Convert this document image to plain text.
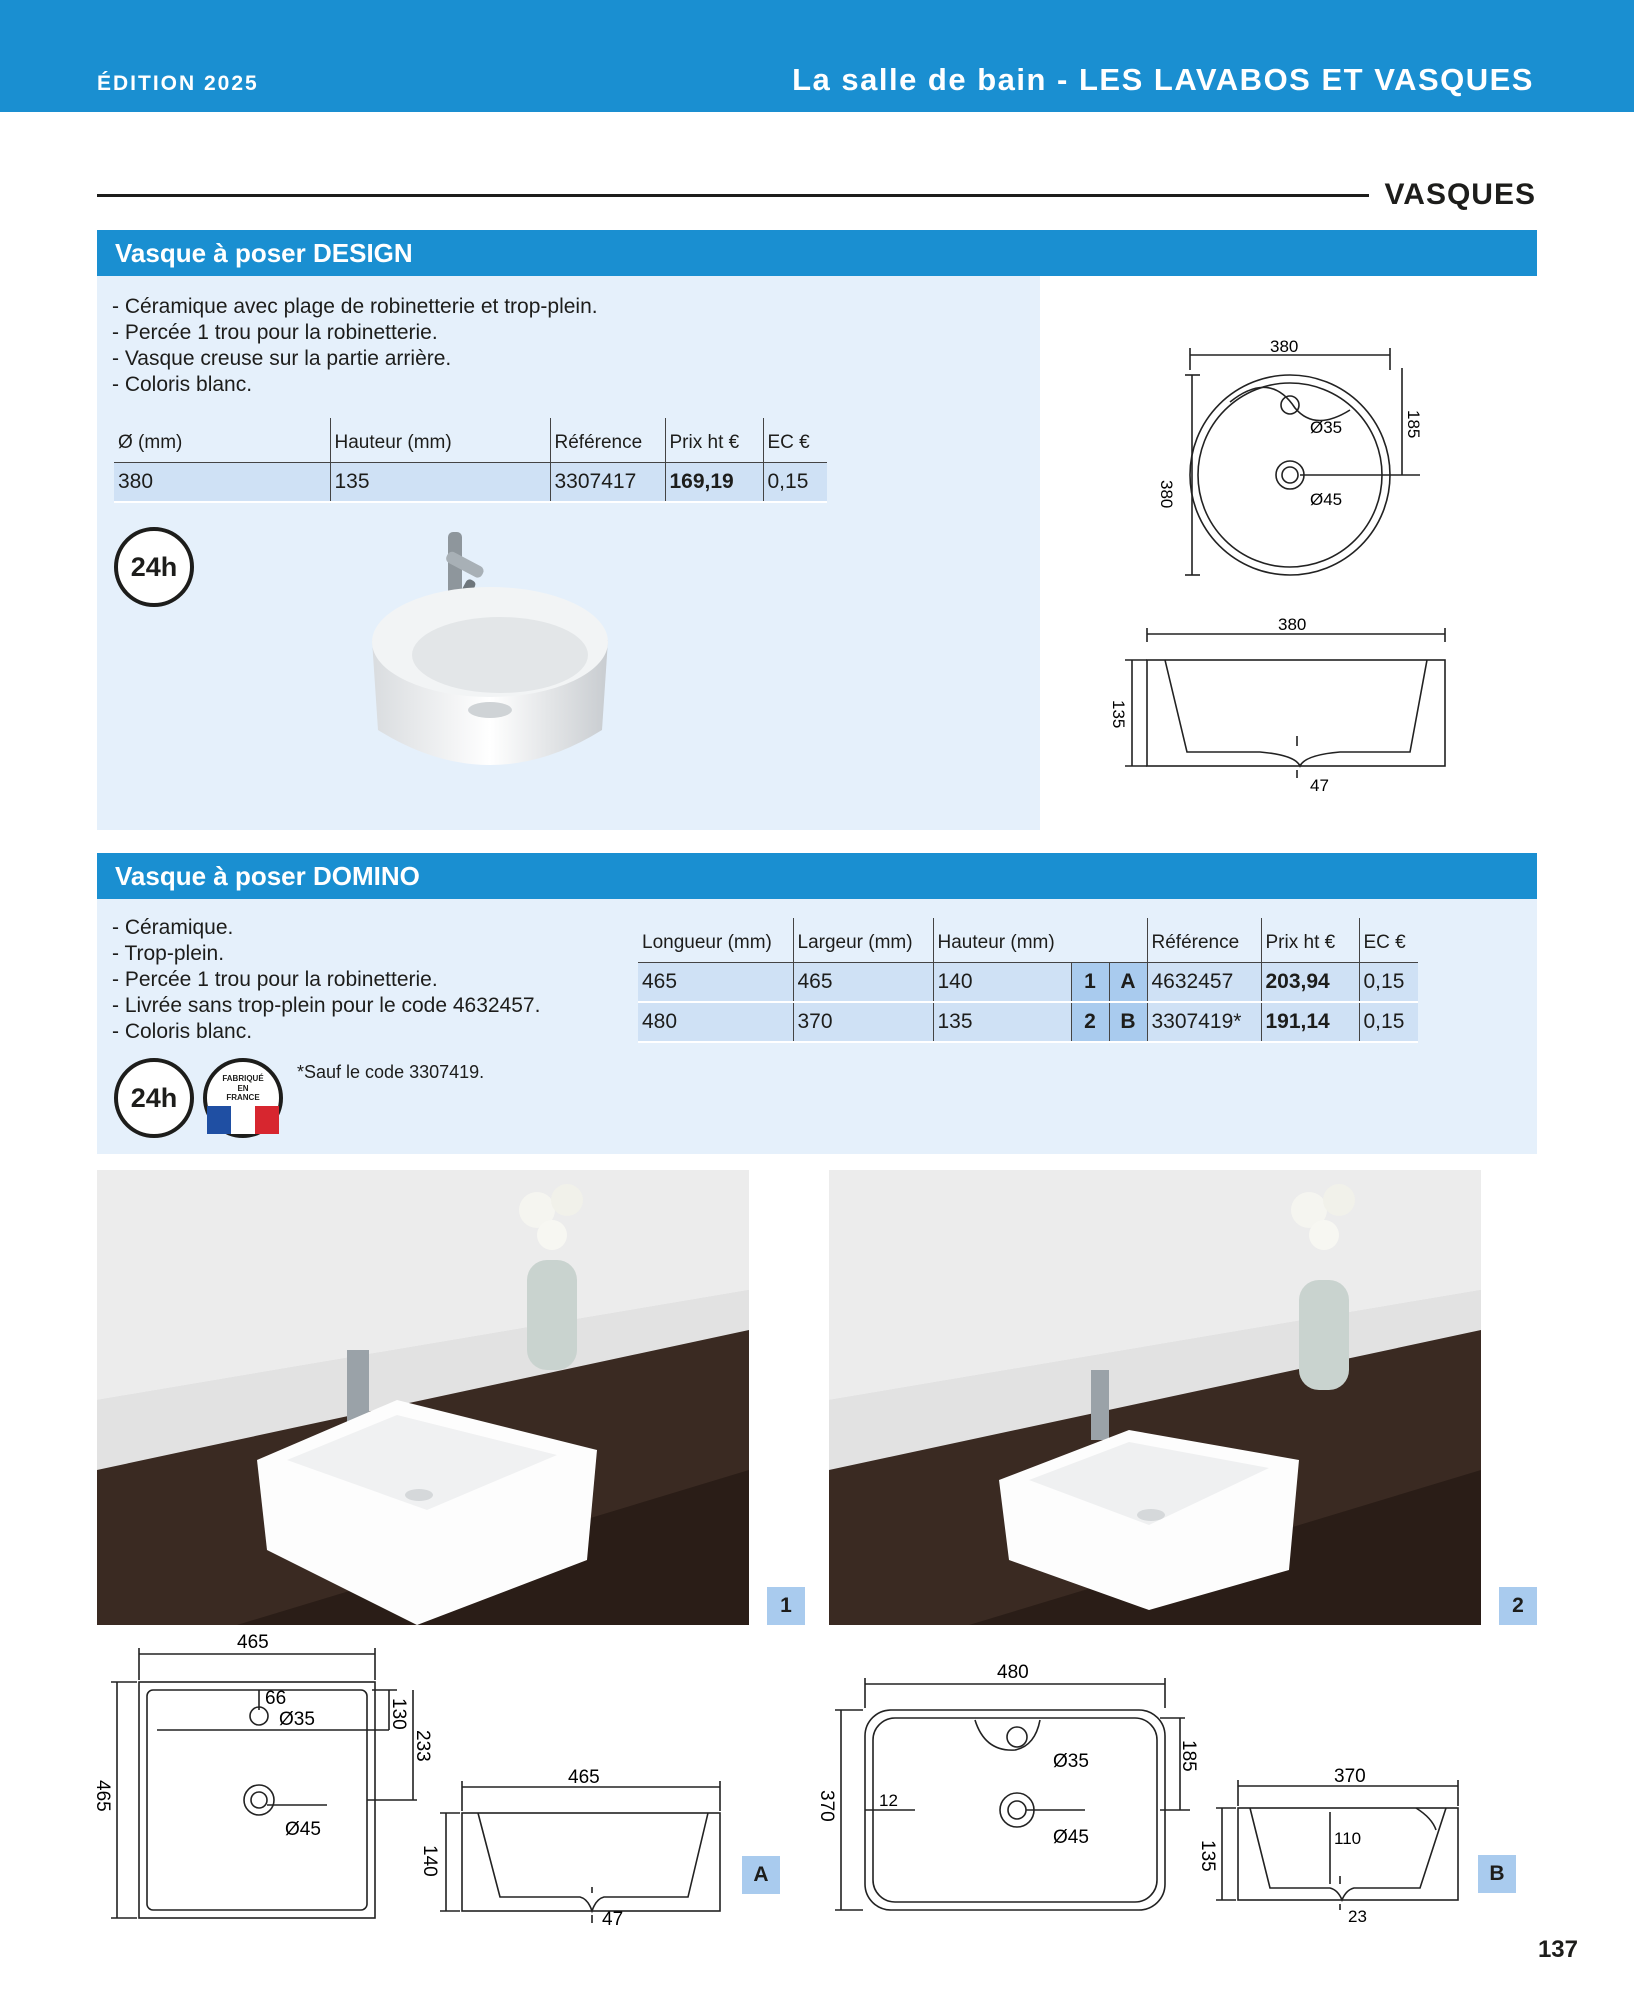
ÉDITION 2025	La salle de bain - LES LAVABOS ET VASQUES
VASQUES
Vasque à poser DESIGN
- Céramique avec plage de robinetterie et trop-plein.
- Percée 1 trou pour la robinetterie.
- Vasque creuse sur la partie arrière.
- Coloris blanc.
Ø (mm)	Hauteur (mm)	Référence	Prix ht €	EC €
380	135	3307417	169,19	0,15
24h
380
380
185
Ø35
Ø45
380
135
47
Vasque à poser DOMINO
- Céramique.
- Trop-plein.
- Percée 1 trou pour la robinetterie.
- Livrée sans trop-plein pour le code 4632457.
- Coloris blanc.
Longueur (mm)	Largeur (mm)	Hauteur (mm)			Référence	Prix ht €	EC €
465	465	140	1	A	4632457	203,94	0,15
480	370	135	2	B	3307419*	191,14	0,15
24h
FABRIQUÉ
EN
FRANCE
*Sauf le code 3307419.
1	2
465
465
66
Ø35	130
233
Ø45
465
140
47
A
480
370
185
Ø35
Ø45
12
370
135
110
23
B
137
